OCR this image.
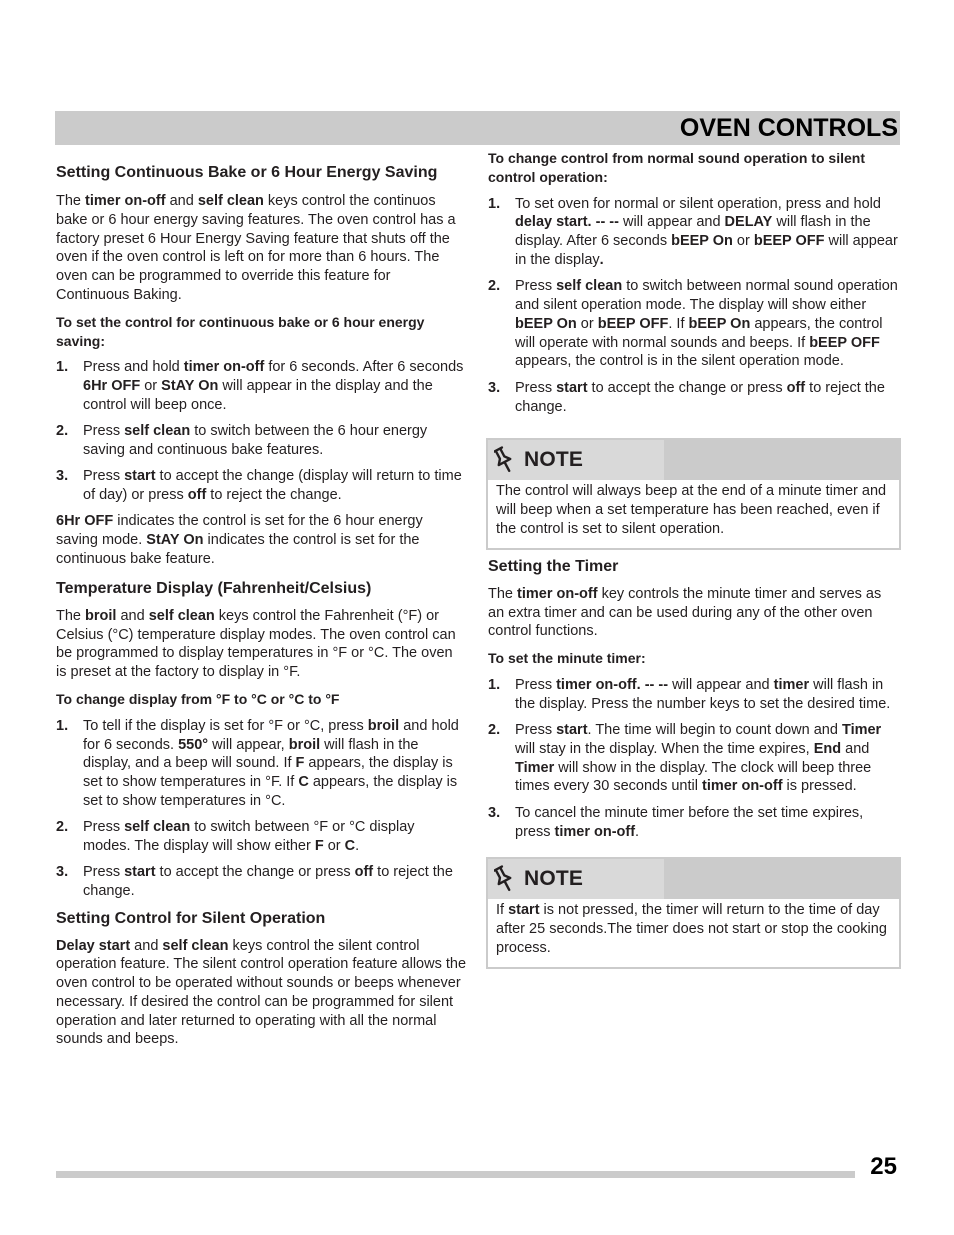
OVEN CONTROLS
Setting Continuous Bake or 6 Hour Energy Saving

The timer on-off and self clean keys control the continuos bake or 6 hour energy saving features. The oven control has a factory preset 6 Hour Energy Saving feature that shuts off the oven if the oven control is left on for more than 6 hours. The oven can be programmed to override this feature for Continuous Baking.

To set the control for continuous bake or 6 hour energy saving:
1. Press and hold timer on-off for 6 seconds. After 6 seconds 6Hr OFF or StAY On will appear in the display and the control will beep once.
2. Press self clean to switch between the 6 hour energy saving and continuous bake features.
3. Press start to accept the change (display will return to time of day) or press off to reject the change.

6Hr OFF indicates the control is set for the 6 hour energy saving mode. StAY On indicates the control is set for the continuous bake feature.

Temperature Display (Fahrenheit/Celsius)

The broil and self clean keys control the Fahrenheit (°F) or Celsius (°C) temperature display modes. The oven control can be programmed to display temperatures in °F or °C. The oven is preset at the factory to display in °F.

To change display from °F to °C or °C to °F
1. To tell if the display is set for °F or °C, press broil and hold for 6 seconds. 550° will appear, broil will flash in the display, and a beep will sound. If F appears, the display is set to show temperatures in °F. If C appears, the display is set to show temperatures in °C.
2. Press self clean to switch between °F or °C display modes. The display will show either F or C.
3. Press start to accept the change or press off to reject the change.
Setting Control for Silent Operation

Delay start and self clean keys control the silent control operation feature. The silent control operation feature allows the oven control to be operated without sounds or beeps whenever necessary. If desired the control can be programmed for silent operation and later returned to operating with all the normal sounds and beeps.

To change control from normal sound operation to silent control operation:
1. To set oven for normal or silent operation, press and hold delay start. -- -- will appear and DELAY will flash in the display. After 6 seconds bEEP On or bEEP OFF will appear in the display.
2. Press self clean to switch between normal sound operation and silent operation mode. The display will show either bEEP On or bEEP OFF. If bEEP On appears, the control will operate with normal sounds and beeps. If bEEP OFF appears, the control is in the silent operation mode.
3. Press start to accept the change or press off to reject the change.
NOTE

The control will always beep at the end of a minute timer and will beep when a set temperature has been reached, even if the control is set to silent operation.

Setting the Timer

The timer on-off key controls the minute timer and serves as an extra timer and can be used during any of the other oven control functions.

To set the minute timer:
1. Press timer on-off. -- -- will appear and timer will flash in the display. Press the number keys to set the desired time.
2. Press start. The time will begin to count down and Timer will stay in the display. When the time expires, End and Timer will show in the display. The clock will beep three times every 30 seconds until timer on-off is pressed.
3. To cancel the minute timer before the set time expires, press timer on-off.
NOTE

If start is not pressed, the timer will return to the time of day after 25 seconds.The timer does not start or stop the cooking process.

25
